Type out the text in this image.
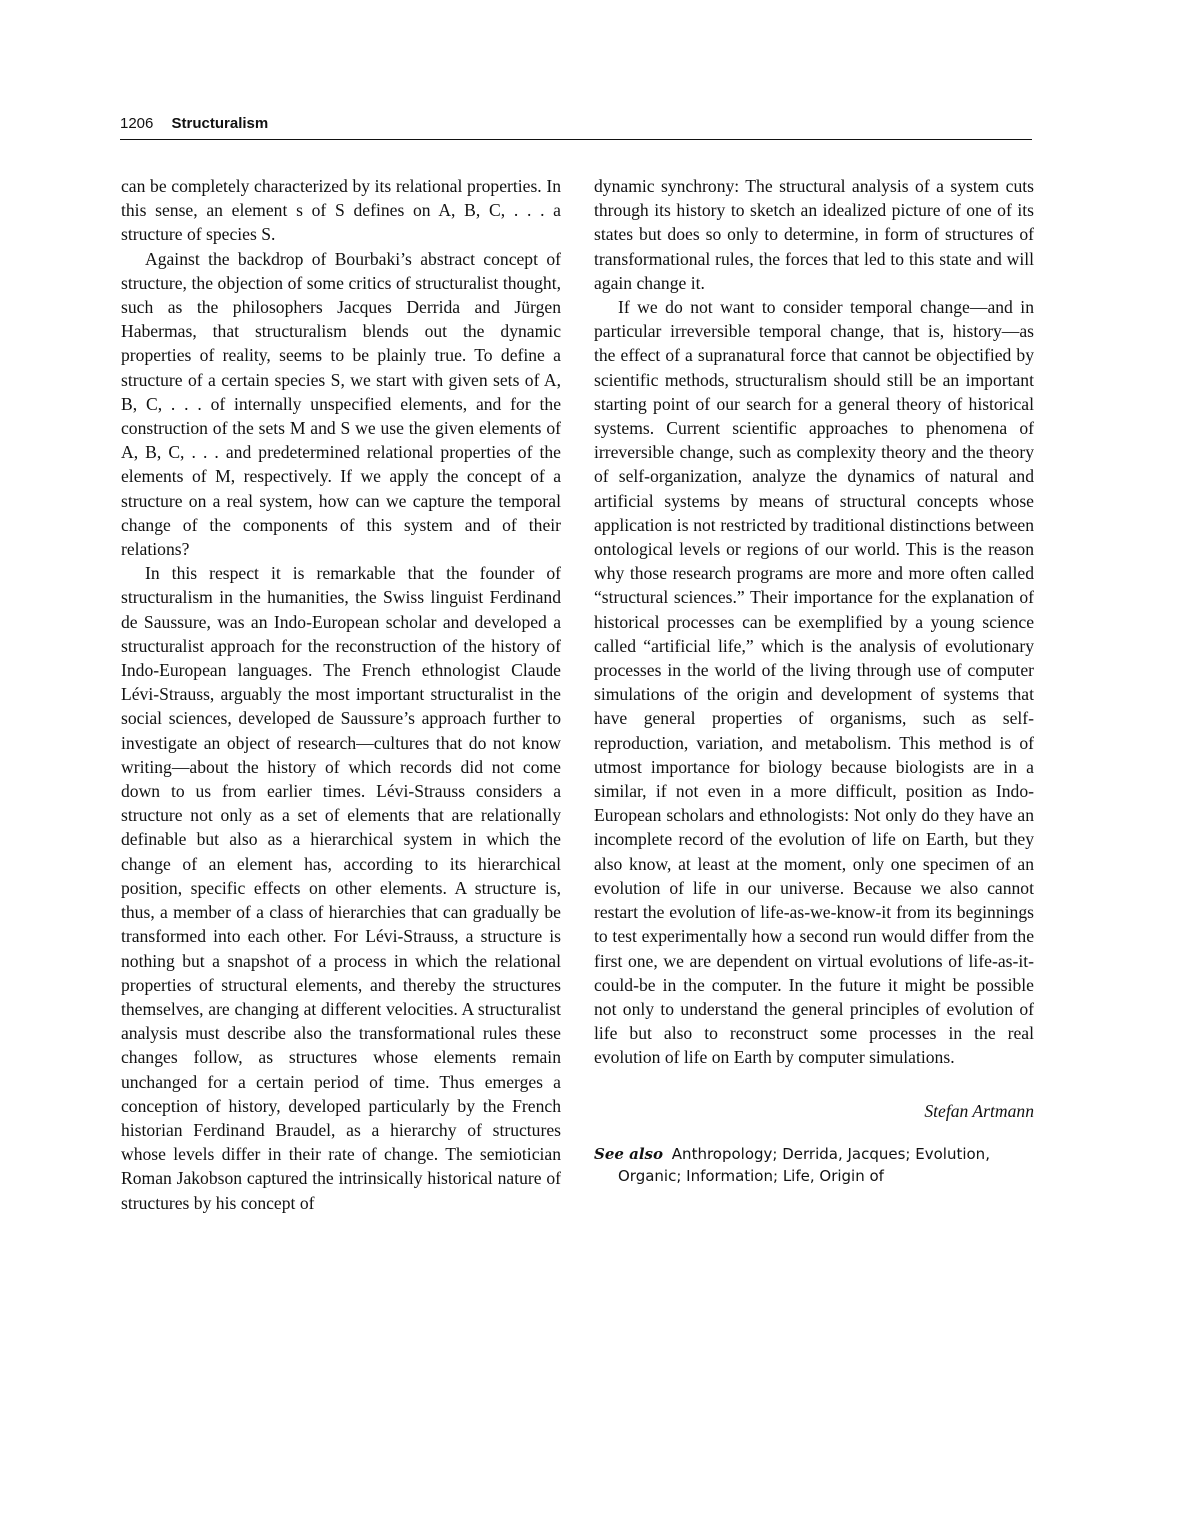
1206 Structuralism

can be completely characterized by its relational properties. In this sense, an element s of S defines on A, B, C, . . . a structure of species S.

Against the backdrop of Bourbaki’s abstract concept of structure, the objection of some critics of structuralist thought, such as the philosophers Jacques Derrida and Jürgen Habermas, that structuralism blends out the dynamic properties of reality, seems to be plainly true. To define a structure of a certain species S, we start with given sets of A, B, C, . . . of internally unspecified elements, and for the construction of the sets M and S we use the given elements of A, B, C, . . . and predetermined relational properties of the elements of M, respectively. If we apply the concept of a structure on a real system, how can we capture the temporal change of the components of this system and of their relations?

In this respect it is remarkable that the founder of structuralism in the humanities, the Swiss linguist Ferdinand de Saussure, was an Indo-European scholar and developed a structuralist approach for the reconstruction of the history of Indo-European languages. The French ethnologist Claude Lévi-Strauss, arguably the most important structuralist in the social sciences, developed de Saussure’s approach further to investigate an object of research—cultures that do not know writing—about the history of which records did not come down to us from earlier times. Lévi-Strauss considers a structure not only as a set of elements that are relationally definable but also as a hierarchical system in which the change of an element has, according to its hierarchical position, specific effects on other elements. A structure is, thus, a member of a class of hierarchies that can gradually be transformed into each other. For Lévi-Strauss, a structure is nothing but a snapshot of a process in which the relational properties of structural elements, and thereby the structures themselves, are changing at different velocities. A structuralist analysis must describe also the transformational rules these changes follow, as structures whose elements remain unchanged for a certain period of time. Thus emerges a conception of history, developed particularly by the French historian Ferdinand Braudel, as a hierarchy of structures whose levels differ in their rate of change. The semiotician Roman Jakobson captured the intrinsically historical nature of structures by his concept of

dynamic synchrony: The structural analysis of a system cuts through its history to sketch an idealized picture of one of its states but does so only to determine, in form of structures of transformational rules, the forces that led to this state and will again change it.

If we do not want to consider temporal change—and in particular irreversible temporal change, that is, history—as the effect of a supranatural force that cannot be objectified by scientific methods, structuralism should still be an important starting point of our search for a general theory of historical systems. Current scientific approaches to phenomena of irreversible change, such as complexity theory and the theory of self-organization, analyze the dynamics of natural and artificial systems by means of structural concepts whose application is not restricted by traditional distinctions between ontological levels or regions of our world. This is the reason why those research programs are more and more often called “structural sciences.” Their importance for the explanation of historical processes can be exemplified by a young science called “artificial life,” which is the analysis of evolutionary processes in the world of the living through use of computer simulations of the origin and development of systems that have general properties of organisms, such as self-reproduction, variation, and metabolism. This method is of utmost importance for biology because biologists are in a similar, if not even in a more difficult, position as Indo-European scholars and ethnologists: Not only do they have an incomplete record of the evolution of life on Earth, but they also know, at least at the moment, only one specimen of an evolution of life in our universe. Because we also cannot restart the evolution of life-as-we-know-it from its beginnings to test experimentally how a second run would differ from the first one, we are dependent on virtual evolutions of life-as-it-could-be in the computer. In the future it might be possible not only to understand the general principles of evolution of life but also to reconstruct some processes in the real evolution of life on Earth by computer simulations.

Stefan Artmann
See also Anthropology; Derrida, Jacques; Evolution, Organic; Information; Life, Origin of
